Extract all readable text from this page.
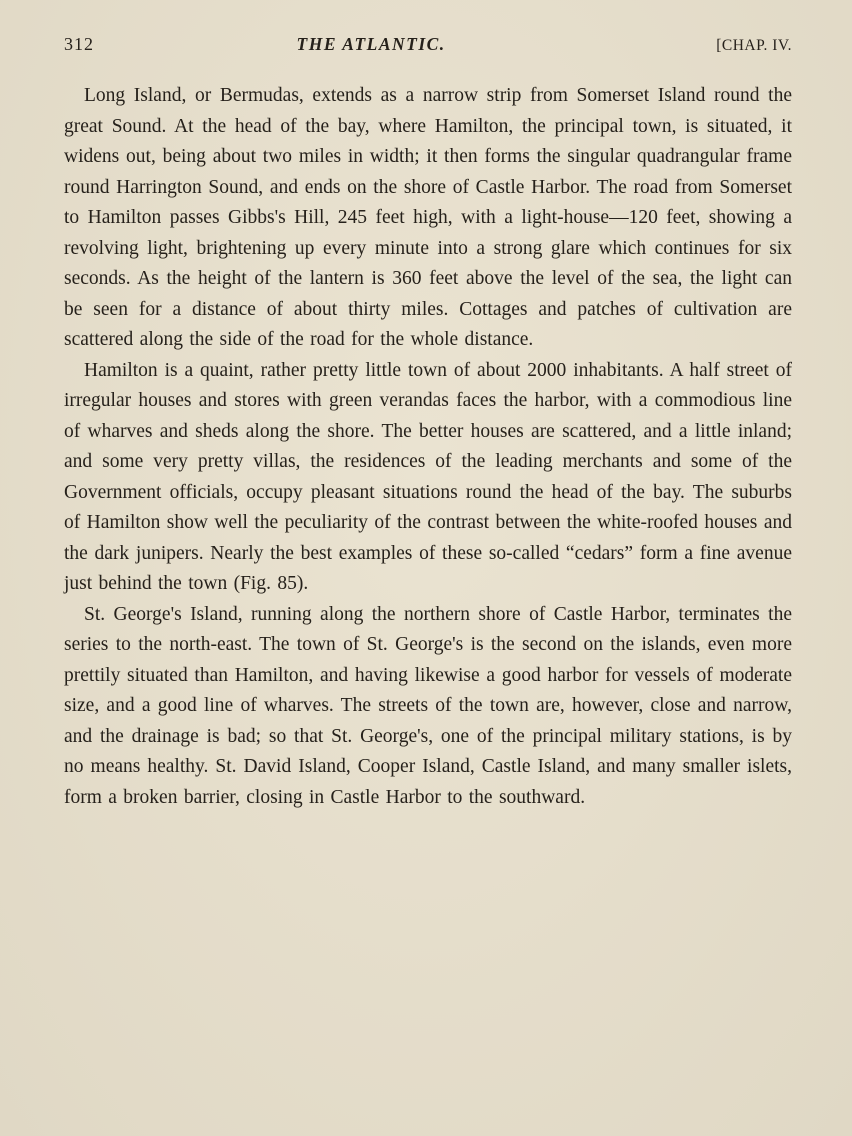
312	THE ATLANTIC.	[CHAP. IV.

Long Island, or Bermudas, extends as a narrow strip from Somerset Island round the great Sound. At the head of the bay, where Hamilton, the principal town, is situated, it widens out, being about two miles in width; it then forms the singular quadrangular frame round Harrington Sound, and ends on the shore of Castle Harbor. The road from Somerset to Hamilton passes Gibbs's Hill, 245 feet high, with a light-house—120 feet, showing a revolving light, brightening up every minute into a strong glare which continues for six seconds. As the height of the lantern is 360 feet above the level of the sea, the light can be seen for a distance of about thirty miles. Cottages and patches of cultivation are scattered along the side of the road for the whole distance.

Hamilton is a quaint, rather pretty little town of about 2000 inhabitants. A half street of irregular houses and stores with green verandas faces the harbor, with a commodious line of wharves and sheds along the shore. The better houses are scattered, and a little inland; and some very pretty villas, the residences of the leading merchants and some of the Government officials, occupy pleasant situations round the head of the bay. The suburbs of Hamilton show well the peculiarity of the contrast between the white-roofed houses and the dark junipers. Nearly the best examples of these so-called “cedars” form a fine avenue just behind the town (Fig. 85).

St. George's Island, running along the northern shore of Castle Harbor, terminates the series to the north-east. The town of St. George's is the second on the islands, even more prettily situated than Hamilton, and having likewise a good harbor for vessels of moderate size, and a good line of wharves. The streets of the town are, however, close and narrow, and the drainage is bad; so that St. George's, one of the principal military stations, is by no means healthy. St. David Island, Cooper Island, Castle Island, and many smaller islets, form a broken barrier, closing in Castle Harbor to the southward.
